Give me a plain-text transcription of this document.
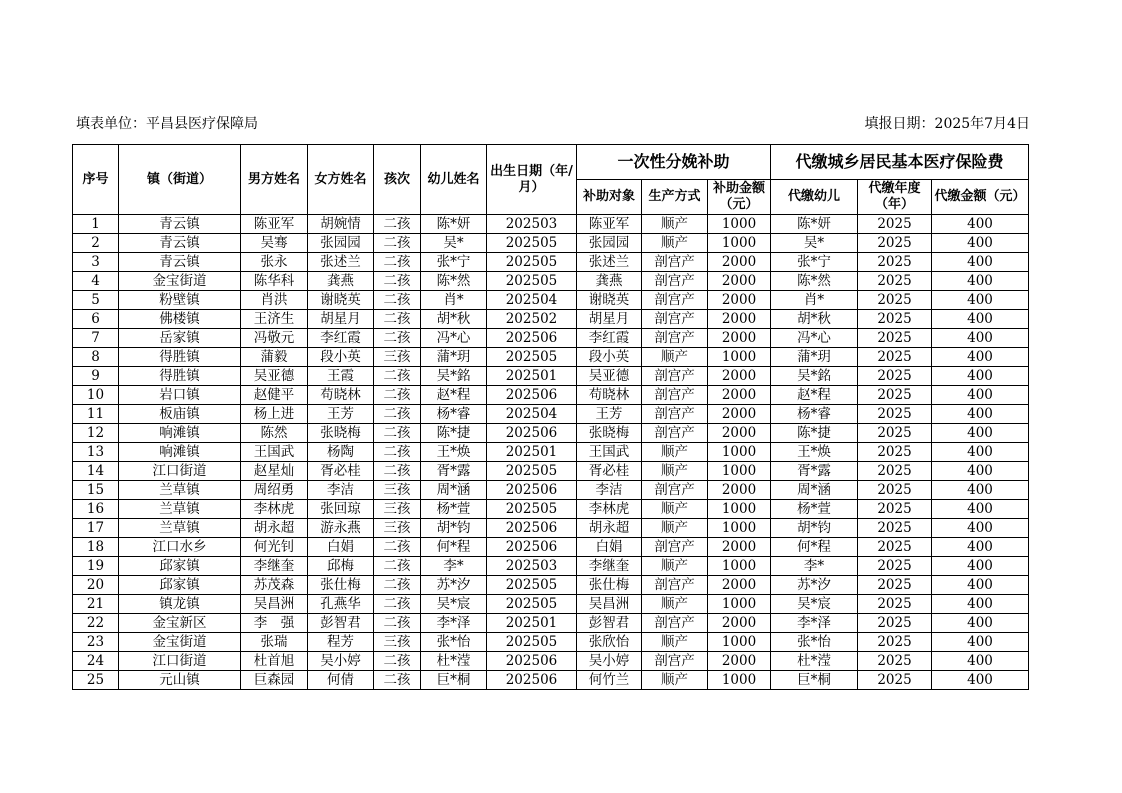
填表单位：平昌县医疗保障局	填报日期：2025年7月4日
序号	镇（街道）	男方姓名	女方姓名	孩次	幼儿姓名	出生日期（年/月）	一次性分娩补助			代缴城乡居民基本医疗保险费		
							补助对象	生产方式	补助金额（元）	代缴幼儿	代缴年度（年）	代缴金额（元）
1	青云镇	陈亚军	胡婉情	二孩	陈*妍	202503	陈亚军	顺产	1000	陈*妍	2025	400
2	青云镇	吴骞	张园园	二孩	吴*	202505	张园园	顺产	1000	吴*	2025	400
3	青云镇	张永	张述兰	二孩	张*宁	202505	张述兰	剖宫产	2000	张*宁	2025	400
4	金宝街道	陈华科	龚燕	二孩	陈*然	202505	龚燕	剖宫产	2000	陈*然	2025	400
5	粉壁镇	肖洪	谢晓英	二孩	肖*	202504	谢晓英	剖宫产	2000	肖*	2025	400
6	佛楼镇	王济生	胡星月	二孩	胡*秋	202502	胡星月	剖宫产	2000	胡*秋	2025	400
7	岳家镇	冯敬元	李红霞	二孩	冯*心	202506	李红霞	剖宫产	2000	冯*心	2025	400
8	得胜镇	蒲毅	段小英	三孩	蒲*玥	202505	段小英	顺产	1000	蒲*玥	2025	400
9	得胜镇	吴亚德	王霞	二孩	吴*銘	202501	吴亚德	剖宫产	2000	吴*銘	2025	400
10	岩口镇	赵健平	苟晓林	二孩	赵*程	202506	苟晓林	剖宫产	2000	赵*程	2025	400
11	板庙镇	杨上进	王芳	二孩	杨*睿	202504	王芳	剖宫产	2000	杨*睿	2025	400
12	响滩镇	陈然	张晓梅	二孩	陈*捷	202506	张晓梅	剖宫产	2000	陈*捷	2025	400
13	响滩镇	王国武	杨陶	二孩	王*焕	202501	王国武	顺产	1000	王*焕	2025	400
14	江口街道	赵星灿	胥必桂	二孩	胥*露	202505	胥必桂	顺产	1000	胥*露	2025	400
15	兰草镇	周绍勇	李洁	三孩	周*涵	202506	李洁	剖宫产	2000	周*涵	2025	400
16	兰草镇	李林虎	张回琼	三孩	杨*萱	202505	李林虎	顺产	1000	杨*萱	2025	400
17	兰草镇	胡永超	游永燕	三孩	胡*钧	202506	胡永超	顺产	1000	胡*钧	2025	400
18	江口水乡	何光钊	白娟	二孩	何*程	202506	白娟	剖宫产	2000	何*程	2025	400
19	邱家镇	李继奎	邱梅	二孩	李*	202503	李继奎	顺产	1000	李*	2025	400
20	邱家镇	苏茂森	张仕梅	二孩	苏*汐	202505	张仕梅	剖宫产	2000	苏*汐	2025	400
21	镇龙镇	吴昌洲	孔燕华	二孩	吴*宸	202505	吴昌洲	顺产	1000	吴*宸	2025	400
22	金宝新区	李　强	彭智君	二孩	李*泽	202501	彭智君	剖宫产	2000	李*泽	2025	400
23	金宝街道	张瑞	程芳	三孩	张*怡	202505	张欣怡	顺产	1000	张*怡	2025	400
24	江口街道	杜首旭	吴小婷	二孩	杜*滢	202506	吴小婷	剖宫产	2000	杜*滢	2025	400
25	元山镇	巨森园	何倩	二孩	巨*桐	202506	何竹兰	顺产	1000	巨*桐	2025	400
